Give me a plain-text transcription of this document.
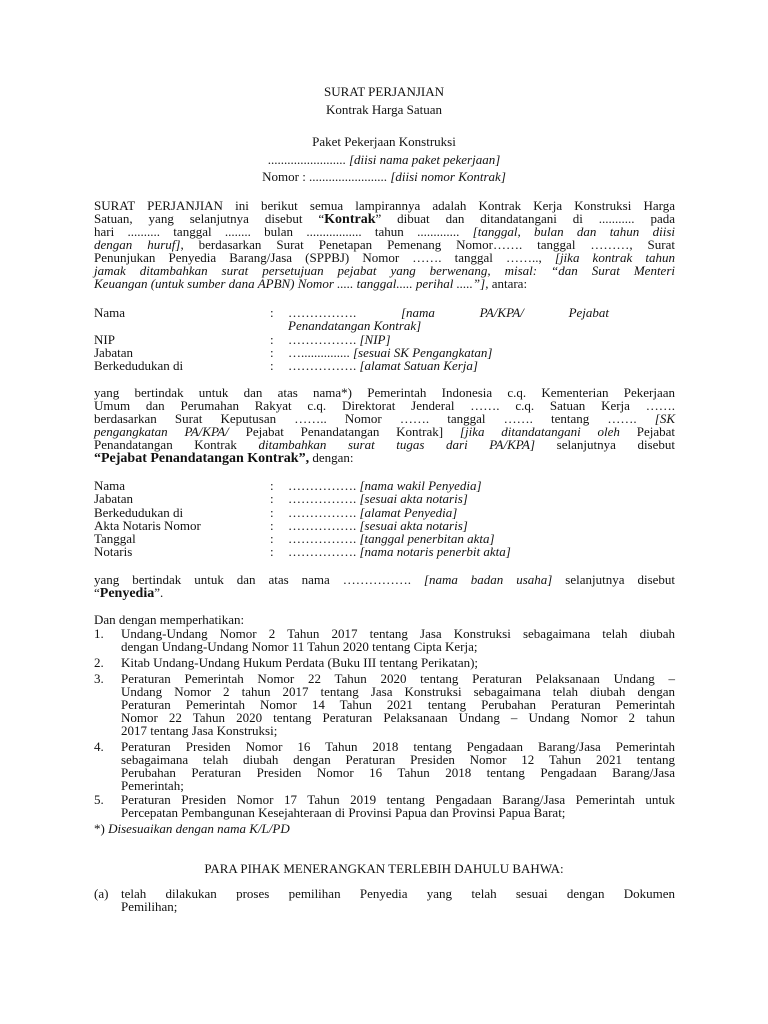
SURAT PERJANJIAN
Kontrak Harga Satuan
Paket Pekerjaan Konstruksi
........................ [diisi nama paket pekerjaan]
Nomor : ........................ [diisi nomor Kontrak]
SURAT PERJANJIAN ini berikut semua lampirannya adalah Kontrak Kerja Konstruksi Harga
Satuan, yang selanjutnya disebut “Kontrak” dibuat dan ditandatangani di ........... pada
hari .......... tanggal ........ bulan ................. tahun ............. [tanggal, bulan dan tahun diisi
dengan huruf], berdasarkan Surat Penetapan Pemenang Nomor……. tanggal ………, Surat
Penunjukan Penyedia Barang/Jasa (SPPBJ) Nomor ……. tanggal …….., [jika kontrak tahun
jamak ditambahkan surat persetujuan pejabat yang berwenang, misal: “dan Surat Menteri
Keuangan (untuk sumber dana APBN) Nomor ..... tanggal..... perihal .....”], antara:
Nama	: …………….	[nama	PA/KPA/	Pejabat
Penandatangan Kontrak]
NIP	: ……………. [NIP]
Jabatan	: …............... [sesuai SK Pengangkatan]
Berkedudukan di	: ……………. [alamat Satuan Kerja]
yang bertindak untuk dan atas nama*) Pemerintah Indonesia c.q. Kementerian Pekerjaan
Umum dan Perumahan Rakyat c.q. Direktorat Jenderal ……. c.q. Satuan Kerja …….
berdasarkan Surat Keputusan …….. Nomor ……. tanggal ……. tentang ……. [SK
pengangkatan PA/KPA/ Pejabat Penandatangan Kontrak] [jika ditandatangani oleh Pejabat
Penandatangan Kontrak ditambahkan surat tugas dari PA/KPA] selanjutnya disebut
“Pejabat Penandatangan Kontrak”, dengan:
Nama	: ……………. [nama wakil Penyedia]
Jabatan	: ……………. [sesuai akta notaris]
Berkedudukan di	: ……………. [alamat Penyedia]
Akta Notaris Nomor	: ……………. [sesuai akta notaris]
Tanggal	: ……………. [tanggal penerbitan akta]
Notaris	: ……………. [nama notaris penerbit akta]
yang bertindak untuk dan atas nama ……………. [nama badan usaha] selanjutnya disebut
“Penyedia”.
Dan dengan memperhatikan:
1. Undang-Undang Nomor 2 Tahun 2017 tentang Jasa Konstruksi sebagaimana telah diubah
dengan Undang-Undang Nomor 11 Tahun 2020 tentang Cipta Kerja;
2. Kitab Undang-Undang Hukum Perdata (Buku III tentang Perikatan);
3. Peraturan Pemerintah Nomor 22 Tahun 2020 tentang Peraturan Pelaksanaan Undang –
Undang Nomor 2 tahun 2017 tentang Jasa Konstruksi sebagaimana telah diubah dengan
Peraturan Pemerintah Nomor 14 Tahun 2021 tentang Perubahan Peraturan Pemerintah
Nomor 22 Tahun 2020 tentang Peraturan Pelaksanaan Undang – Undang Nomor 2 tahun
2017 tentang Jasa Konstruksi;
4. Peraturan Presiden Nomor 16 Tahun 2018 tentang Pengadaan Barang/Jasa Pemerintah
sebagaimana telah diubah dengan Peraturan Presiden Nomor 12 Tahun 2021 tentang
Perubahan Peraturan Presiden Nomor 16 Tahun 2018 tentang Pengadaan Barang/Jasa
Pemerintah;
5. Peraturan Presiden Nomor 17 Tahun 2019 tentang Pengadaan Barang/Jasa Pemerintah untuk
Percepatan Pembangunan Kesejahteraan di Provinsi Papua dan Provinsi Papua Barat;
*) Disesuaikan dengan nama K/L/PD
PARA PIHAK MENERANGKAN TERLEBIH DAHULU BAHWA:
(a) telah dilakukan proses pemilihan Penyedia yang telah sesuai dengan Dokumen
Pemilihan;
